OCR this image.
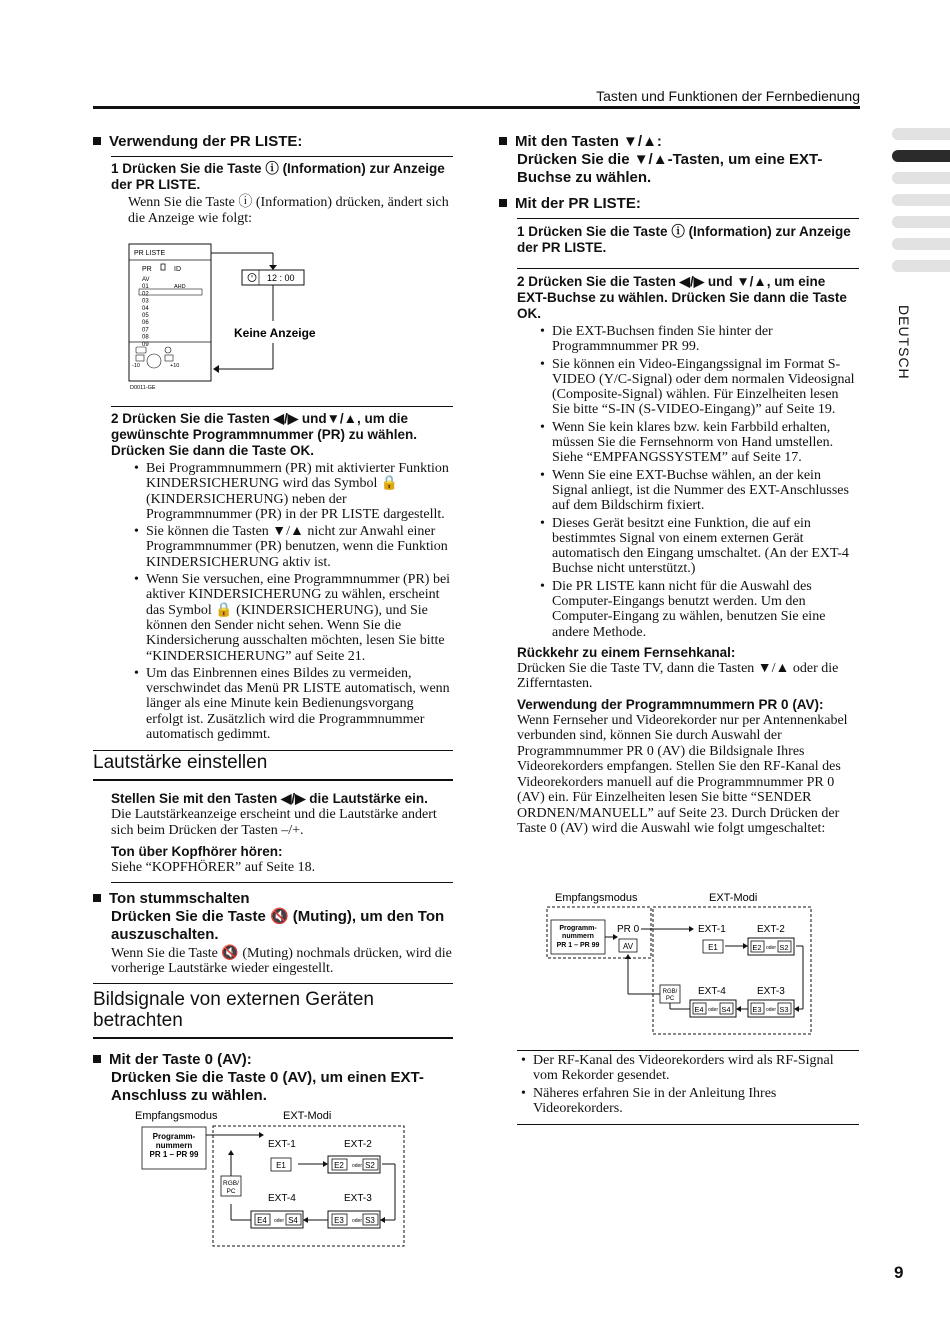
Tasten und Funktionen der Fernbedienung
DEUTSCH
Verwendung der PR LISTE:
1 Drücken Sie die Taste ⓘ (Information) zur Anzeige der PR LISTE.
Wenn Sie die Taste ⓘ (Information) drücken, ändert sich die Anzeige wie folgt:
PR LISTE
PR	ID
AV
01
02
03
04
05
06
07
08
09
AHD
-10	+10
D0011-GE
12 : 00
Keine Anzeige
2 Drücken Sie die Tasten ◀/▶ und▼/▲, um die gewünschte Programmnummer (PR) zu wählen. Drücken Sie dann die Taste OK.
• Bei Programmnummern (PR) mit aktivierter Funktion KINDERSICHERUNG wird das Symbol 🔒 (KINDERSICHERUNG) neben der Programmnummer (PR) in der PR LISTE dargestellt.
• Sie können die Tasten ▼/▲ nicht zur Anwahl einer Programmnummer (PR) benutzen, wenn die Funktion KINDERSICHERUNG aktiv ist.
• Wenn Sie versuchen, eine Programmnummer (PR) bei aktiver KINDERSICHERUNG zu wählen, erscheint das Symbol 🔒 (KINDERSICHERUNG), und Sie können den Sender nicht sehen. Wenn Sie die Kindersicherung ausschalten möchten, lesen Sie bitte “KINDERSICHERUNG” auf Seite 21.
• Um das Einbrennen eines Bildes zu vermeiden, verschwindet das Menü PR LISTE automatisch, wenn länger als eine Minute kein Bedienungsvorgang erfolgt ist. Zusätzlich wird die Programmnummer automatisch gedimmt.
Lautstärke einstellen
Stellen Sie mit den Tasten ◀/▶ die Lautstärke ein.
Die Lautstärkeanzeige erscheint und die Lautstärke andert sich beim Drücken der Tasten –/+.
Ton über Kopfhörer hören:
Siehe “KOPFHÖRER” auf Seite 18.
Ton stummschalten
Drücken Sie die Taste 🔇 (Muting), um den Ton auszuschalten.
Wenn Sie die Taste 🔇 (Muting) nochmals drücken, wird die vorherige Lautstärke wieder eingestellt.
Bildsignale von externen Geräten betrachten
Mit der Taste 0 (AV):
Drücken Sie die Taste 0 (AV), um einen EXT-Anschluss zu wählen.
Empfangsmodus	EXT-Modi
Programm-
nummern
PR 1 – PR 99
EXT-1	EXT-2
E1	E2 oder S2
EXT-4	EXT-3
E4 oder S4	E3 oder S3
RGB/
PC
Mit den Tasten ▼/▲:
Drücken Sie die ▼/▲-Tasten, um eine EXT-Buchse zu wählen.
Mit der PR LISTE:
1 Drücken Sie die Taste ⓘ (Information) zur Anzeige der PR LISTE.
2 Drücken Sie die Tasten ◀/▶ und ▼/▲, um eine EXT-Buchse zu wählen. Drücken Sie dann die Taste OK.
• Die EXT-Buchsen finden Sie hinter der Programmnummer PR 99.
• Sie können ein Video-Eingangssignal im Format S-VIDEO (Y/C-Signal) oder dem normalen Videosignal (Composite-Signal) wählen. Für Einzelheiten lesen Sie bitte “S-IN (S-VIDEO-Eingang)” auf Seite 19.
• Wenn Sie kein klares bzw. kein Farbbild erhalten, müssen Sie die Fernsehnorm von Hand umstellen. Siehe “EMPFANGSSYSTEM” auf Seite 17.
• Wenn Sie eine EXT-Buchse wählen, an der kein Signal anliegt, ist die Nummer des EXT-Anschlusses auf dem Bildschirm fixiert.
• Dieses Gerät besitzt eine Funktion, die auf ein bestimmtes Signal von einem externen Gerät automatisch den Eingang umschaltet. (An der EXT-4 Buchse nicht unterstützt.)
• Die PR LISTE kann nicht für die Auswahl des Computer-Eingangs benutzt werden. Um den Computer-Eingang zu wählen, benutzen Sie eine andere Methode.
Rückkehr zu einem Fernsehkanal:
Drücken Sie die Taste TV, dann die Tasten ▼/▲ oder die Zifferntasten.
Verwendung der Programmnummern PR 0 (AV):
Wenn Fernseher und Videorekorder nur per Antennenkabel verbunden sind, können Sie durch Auswahl der Programmnummer PR 0 (AV) die Bildsignale Ihres Videorekorders empfangen. Stellen Sie den RF-Kanal des Videorekorders manuell auf die Programmnummer PR 0 (AV) ein. Für Einzelheiten lesen Sie bitte “SENDER ORDNEN/MANUELL” auf Seite 23. Durch Drücken der Taste 0 (AV) wird die Auswahl wie folgt umgeschaltet:
Empfangsmodus	EXT-Modi
Programm-
nummern
PR 1 – PR 99
PR 0
AV
EXT-1	EXT-2
E1	E2 oder S2
EXT-4	EXT-3
E4 oder S4	E3 oder S3
RGB/
PC
• Der RF-Kanal des Videorekorders wird als RF-Signal vom Rekorder gesendet.
• Näheres erfahren Sie in der Anleitung Ihres Videorekorders.
9
